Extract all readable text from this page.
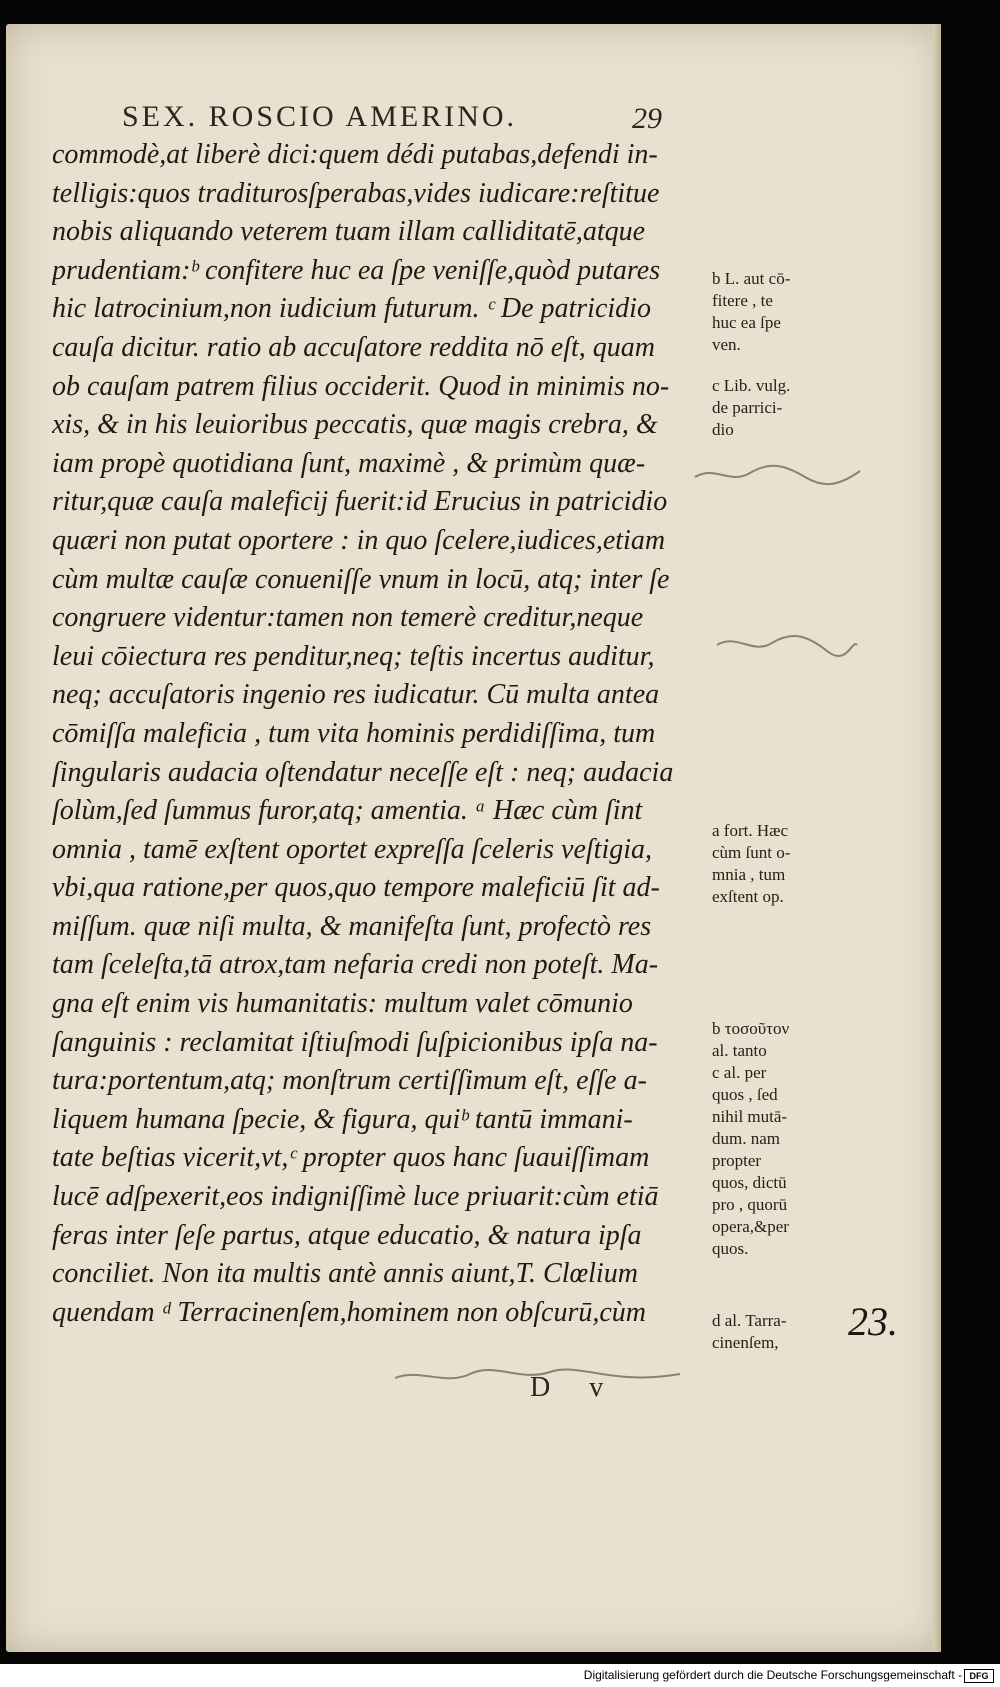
SEX. ROSCIO AMERINO.	29
commodè,at liberè dici:quem dédi putabas,defendi in-
telligis:quos traditurosſperabas,vides iudicare:reſtitue
nobis aliquando veterem tuam illam calliditatē,atque
prudentiam:ᵇ confitere huc ea ſpe veniſſe,quòd putares
hic latrocinium,non iudicium futurum. ᶜ De patricidio
cauſa dicitur. ratio ab accuſatore reddita nō eſt, quam
ob cauſam patrem filius occiderit. Quod in minimis no-
xis, & in his leuioribus peccatis, quæ magis crebra, &
iam propè quotidiana ſunt, maximè , & primùm quæ-
ritur,quæ cauſa maleficij fuerit:id Erucius in patricidio
quæri non putat oportere : in quo ſcelere,iudices,etiam
cùm multæ cauſæ conueniſſe vnum in locū, atq; inter ſe
congruere videntur:tamen non temerè creditur,neque
leui cōiectura res penditur,neq; teſtis incertus auditur,
neq; accuſatoris ingenio res iudicatur. Cū multa antea
cōmiſſa maleficia , tum vita hominis perdidiſſima, tum
ſingularis audacia oſtendatur neceſſe eſt : neq; audacia
ſolùm,ſed ſummus furor,atq; amentia. ᵃ Hæc cùm ſint
omnia , tamē exſtent oportet expreſſa ſceleris veſtigia,
vbi,qua ratione,per quos,quo tempore maleficiū ſit ad-
miſſum. quæ niſi multa, & manifeſta ſunt, profectò res
tam ſceleſta,tā atrox,tam nefaria credi non poteſt. Ma-
gna eſt enim vis humanitatis: multum valet cōmunio
ſanguinis : reclamitat iſtiuſmodi ſuſpicionibus ipſa na-
tura:portentum,atq; monſtrum certiſſimum eſt, eſſe a-
liquem humana ſpecie, & figura, quiᵇ tantū immani-
tate beſtias vicerit,vt,ᶜ propter quos hanc ſuauiſſimam
lucē adſpexerit,eos indigniſſimè luce priuarit:cùm etiā
feras inter ſeſe partus, atque educatio, & natura ipſa
conciliet. Non ita multis antè annis aiunt,T. Clœlium
quendam ᵈ Terracinenſem,hominem non obſcurū,cùm
b L. aut cō-
fitere , te
huc ea ſpe
ven.
c Lib. vulg.
de parrici-
dio
a fort. Hæc
cùm ſunt o-
mnia , tum
exſtent op.
b τοσοῦτον
al. tanto
c al. per
quos , ſed
nihil mutā-
dum. nam
propter
quos, dictū
pro , quorū
opera,&per
quos.
d al. Tarra-
cinenſem,	23.
D v
Digitalisierung gefördert durch die Deutsche Forschungsgemeinschaft - DFG
